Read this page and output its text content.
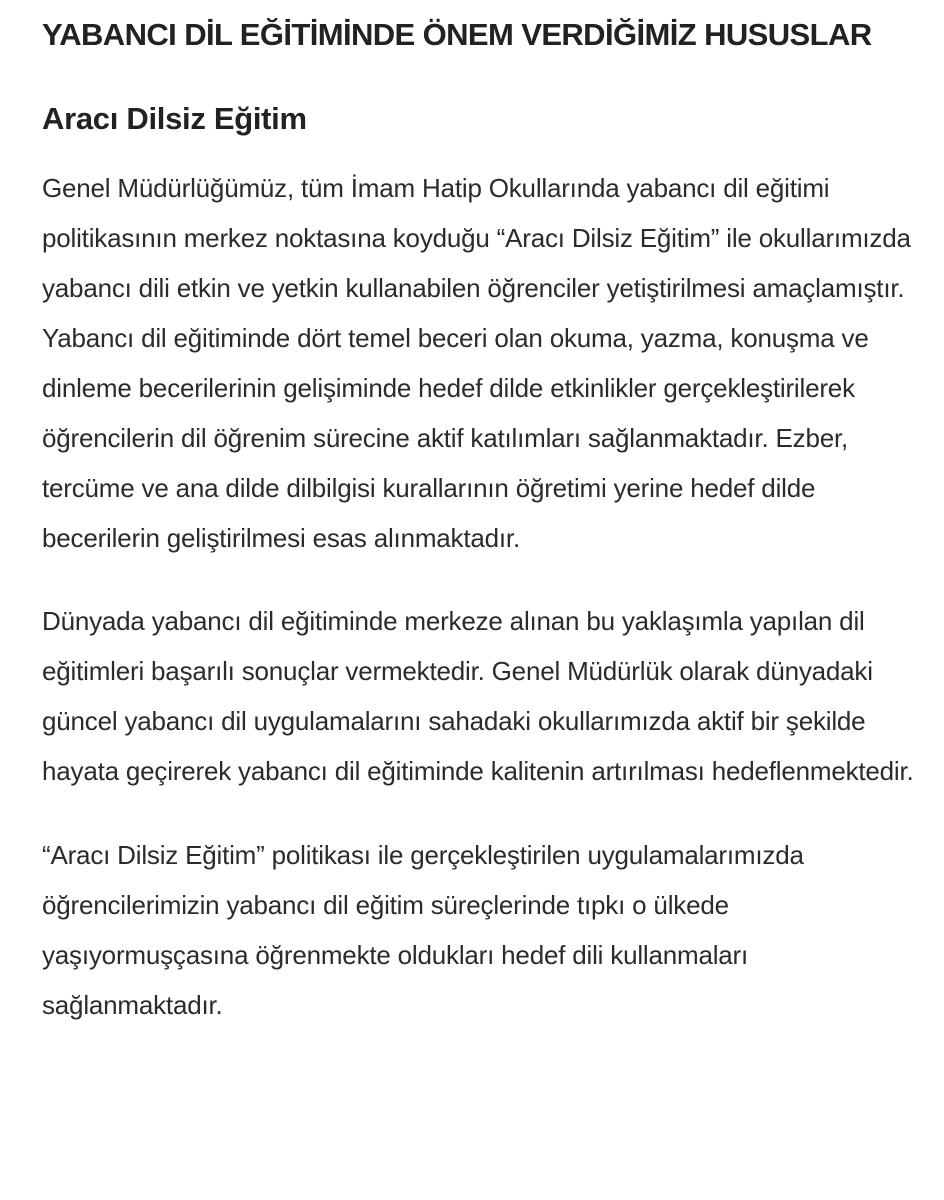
YABANCI DİL EĞİTİMİNDE ÖNEM VERDİĞİMİZ HUSUSLAR
Aracı Dilsiz Eğitim

Genel Müdürlüğümüz, tüm İmam Hatip Okullarında yabancı dil eğitimi politikasının merkez noktasına koyduğu “Aracı Dilsiz Eğitim” ile okullarımızda yabancı dili etkin ve yetkin kullanabilen öğrenciler yetiştirilmesi amaçlamıştır. Yabancı dil eğitiminde dört temel beceri olan okuma, yazma, konuşma ve dinleme becerilerinin gelişiminde hedef dilde etkinlikler gerçekleştirilerek öğrencilerin dil öğrenim sürecine aktif katılımları sağlanmaktadır. Ezber, tercüme ve ana dilde dilbilgisi kurallarının öğretimi yerine hedef dilde becerilerin geliştirilmesi esas alınmaktadır.

Dünyada yabancı dil eğitiminde merkeze alınan bu yaklaşımla yapılan dil eğitimleri başarılı sonuçlar vermektedir. Genel Müdürlük olarak dünyadaki güncel yabancı dil uygulamalarını sahadaki okullarımızda aktif bir şekilde hayata geçirerek yabancı dil eğitiminde kalitenin artırılması hedeflenmektedir.

“Aracı Dilsiz Eğitim” politikası ile gerçekleştirilen uygulamalarımızda öğrencilerimizin yabancı dil eğitim süreçlerinde tıpkı o ülkede yaşıyormuşçasına öğrenmekte oldukları hedef dili kullanmaları sağlanmaktadır.
